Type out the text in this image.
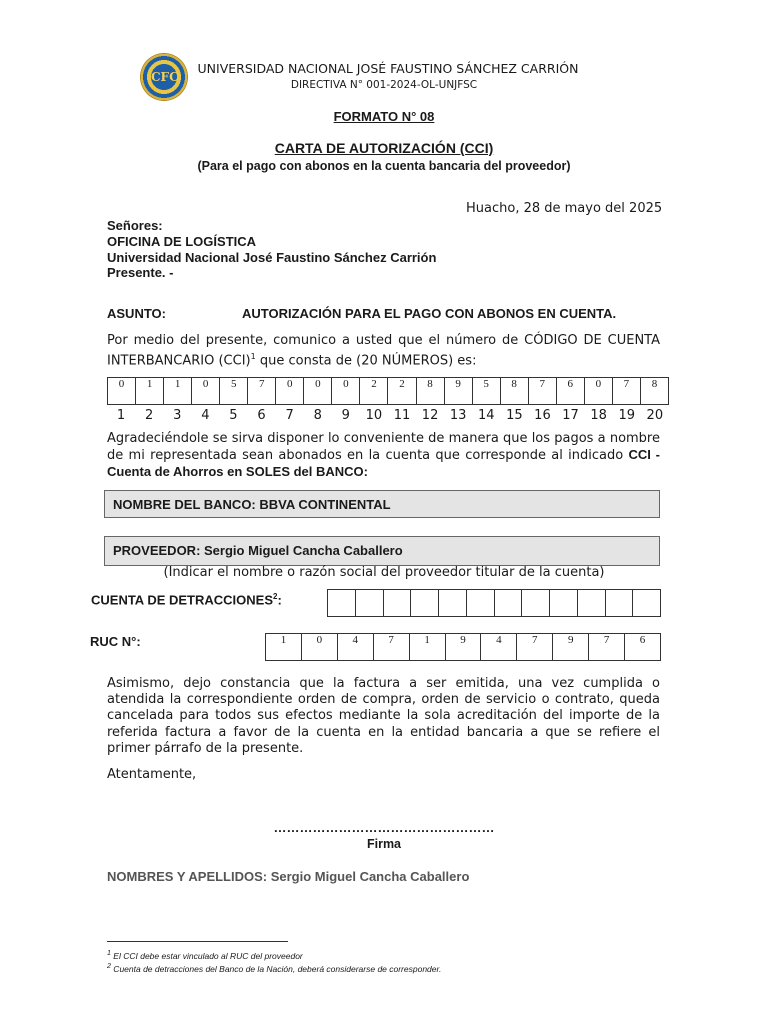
CFC
UNIVERSIDAD NACIONAL JOSÉ FAUSTINO SÁNCHEZ CARRIÓN
DIRECTIVA N° 001-2024-OL-UNJFSC
FORMATO N° 08
CARTA DE AUTORIZACIÓN (CCI)
(Para el pago con abonos en la cuenta bancaria del proveedor)
Huacho, 28 de mayo del 2025
Señores:
OFICINA DE LOGÍSTICA
Universidad Nacional José Faustino Sánchez Carrión
Presente. -
ASUNTO:	AUTORIZACIÓN PARA EL PAGO CON ABONOS EN CUENTA.
Por medio del presente, comunico a usted que el número de CÓDIGO DE CUENTA INTERBANCARIO (CCI)$^1$ que consta de (20 NÚMEROS) es:
0	1	1	0	5	7	0	0	0	2	2	8	9	5	8	7	6	0	7	8
1	2	3	4	5	6	7	8	9	10 11 12 13 14 15 16 17 18 19 20
Agradeciéndole se sirva disponer lo conveniente de manera que los pagos a nombre de mi representada sean abonados en la cuenta que corresponde al indicado CCI - Cuenta de Ahorros en SOLES del BANCO:
NOMBRE DEL BANCO: BBVA CONTINENTAL
PROVEEDOR: Sergio Miguel Cancha Caballero
(Indicar el nombre o razón social del proveedor titular de la cuenta)
CUENTA DE DETRACCIONES$^2$:

RUC N°:	1	0	4	7	1	9	4	7	9	7	6
Asimismo, dejo constancia que la factura a ser emitida, una vez cumplida o atendida la correspondiente orden de compra, orden de servicio o contrato, queda cancelada para todos sus efectos mediante la sola acreditación del importe de la referida factura a favor de la cuenta en la entidad bancaria a que se refiere el primer párrafo de la presente.
Atentamente,
……………………………………………
Firma
NOMBRES Y APELLIDOS: Sergio Miguel Cancha Caballero
$^1$ El CCI debe estar vinculado al RUC del proveedor
$^2$ Cuenta de detracciones del Banco de la Nación, deberá considerarse de corresponder.
